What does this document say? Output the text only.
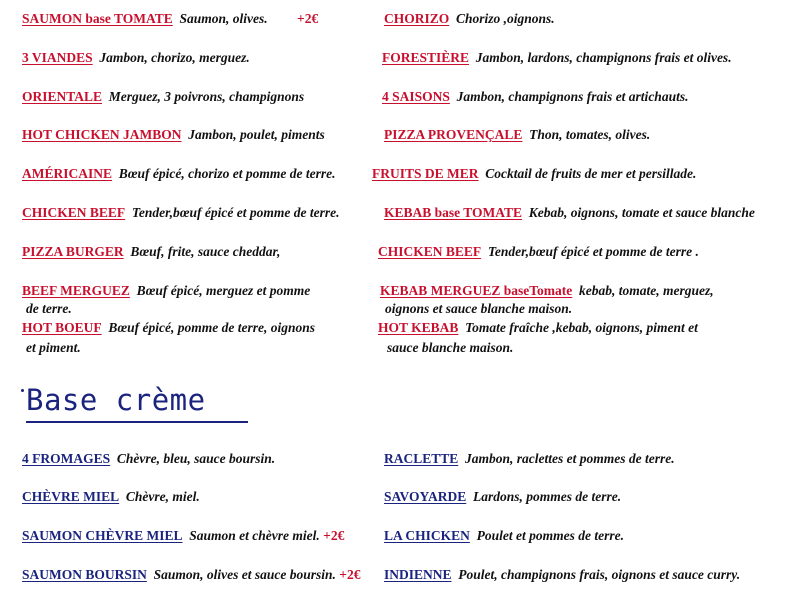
SAUMON base TOMATE Saumon, olives. +2€
3 VIANDES Jambon, chorizo, merguez.
ORIENTALE Merguez, 3 poivrons, champignons
HOT CHICKEN JAMBON Jambon, poulet, piments
AMÉRICAINE Bœuf épicé, chorizo et pomme de terre.
CHICKEN BEEF Tender,bœuf épicé et pomme de terre.
PIZZA BURGER Bœuf, frite, sauce cheddar,
BEEF MERGUEZ Bœuf épicé, merguez et pomme
de terre.
HOT BOEUF Bœuf épicé, pomme de terre, oignons
et piment.
CHORIZO Chorizo ,oignons.
FORESTIÈRE Jambon, lardons, champignons frais et olives.
4 SAISONS Jambon, champignons frais et artichauts.
PIZZA PROVENÇALE Thon, tomates, olives.
FRUITS DE MER Cocktail de fruits de mer et persillade.
KEBAB base TOMATE Kebab, oignons, tomate et sauce blanche
CHICKEN BEEF Tender,bœuf épicé et pomme de terre .
KEBAB MERGUEZ baseTomate kebab, tomate, merguez,
oignons et sauce blanche maison.
HOT KEBAB Tomate fraîche ,kebab, oignons, piment et
sauce blanche maison.
Base crème
4 FROMAGES Chèvre, bleu, sauce boursin.
CHÈVRE MIEL Chèvre, miel.
SAUMON CHÈVRE MIEL Saumon et chèvre miel. +2€
SAUMON BOURSIN Saumon, olives et sauce boursin. +2€
RACLETTE Jambon, raclettes et pommes de terre.
SAVOYARDE Lardons, pommes de terre.
LA CHICKEN Poulet et pommes de terre.
INDIENNE Poulet, champignons frais, oignons et sauce curry.
